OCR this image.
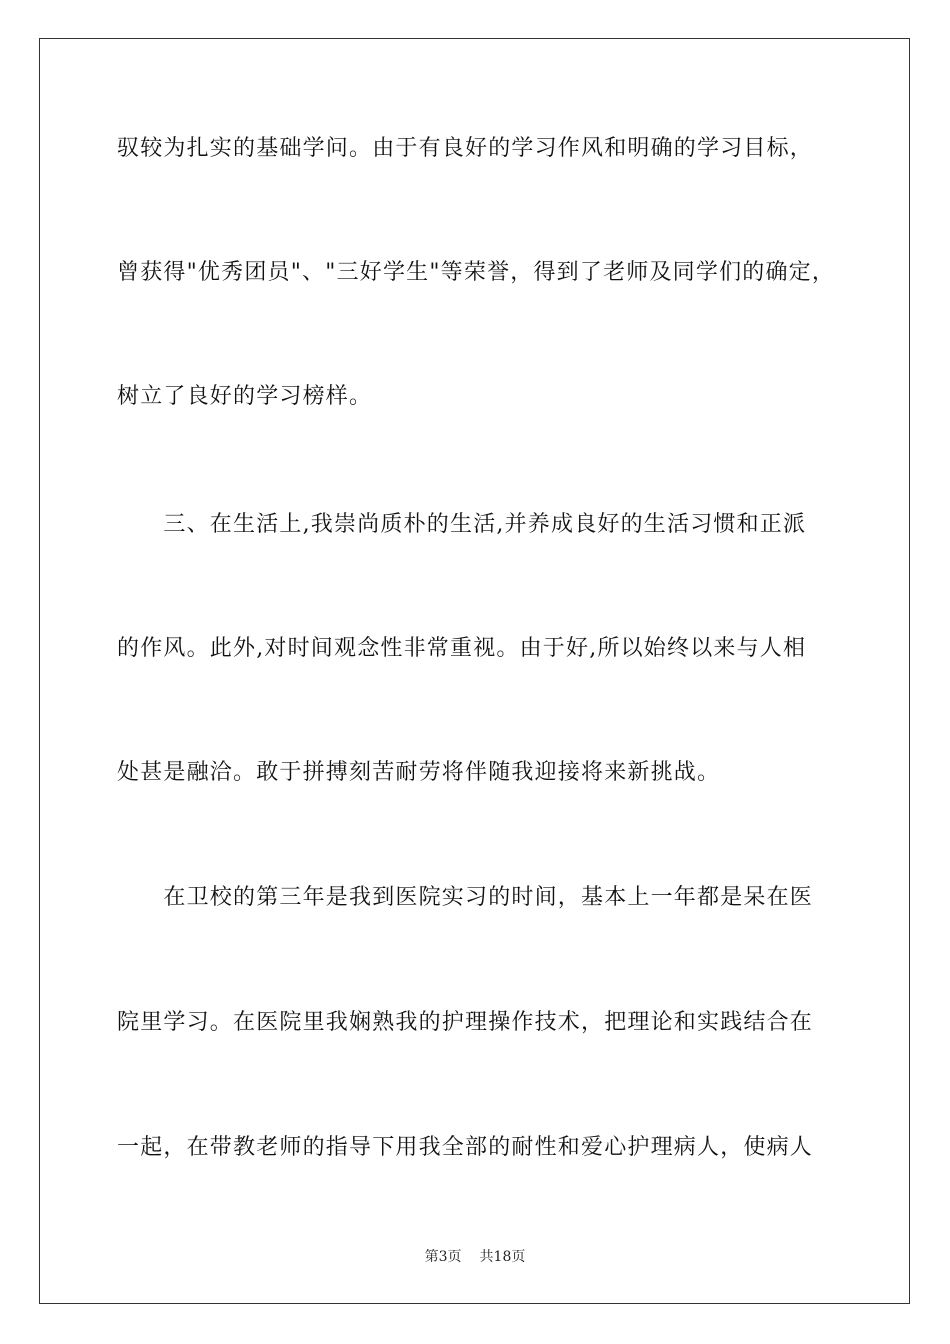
驭较为扎实的基础学问。由于有良好的学习作风和明确的学习目标，
曾获得"优秀团员"、"三好学生"等荣誉，得到了老师及同学们的确定，
树立了良好的学习榜样。
　　三、在生活上,我崇尚质朴的生活,并养成良好的生活习惯和正派
的作风。此外,对时间观念性非常重视。由于好,所以始终以来与人相
处甚是融洽。敢于拼搏刻苦耐劳将伴随我迎接将来新挑战。
　　在卫校的第三年是我到医院实习的时间，基本上一年都是呆在医
院里学习。在医院里我娴熟我的护理操作技术，把理论和实践结合在
一起，在带教老师的指导下用我全部的耐性和爱心护理病人，使病人
第3页 共18页
